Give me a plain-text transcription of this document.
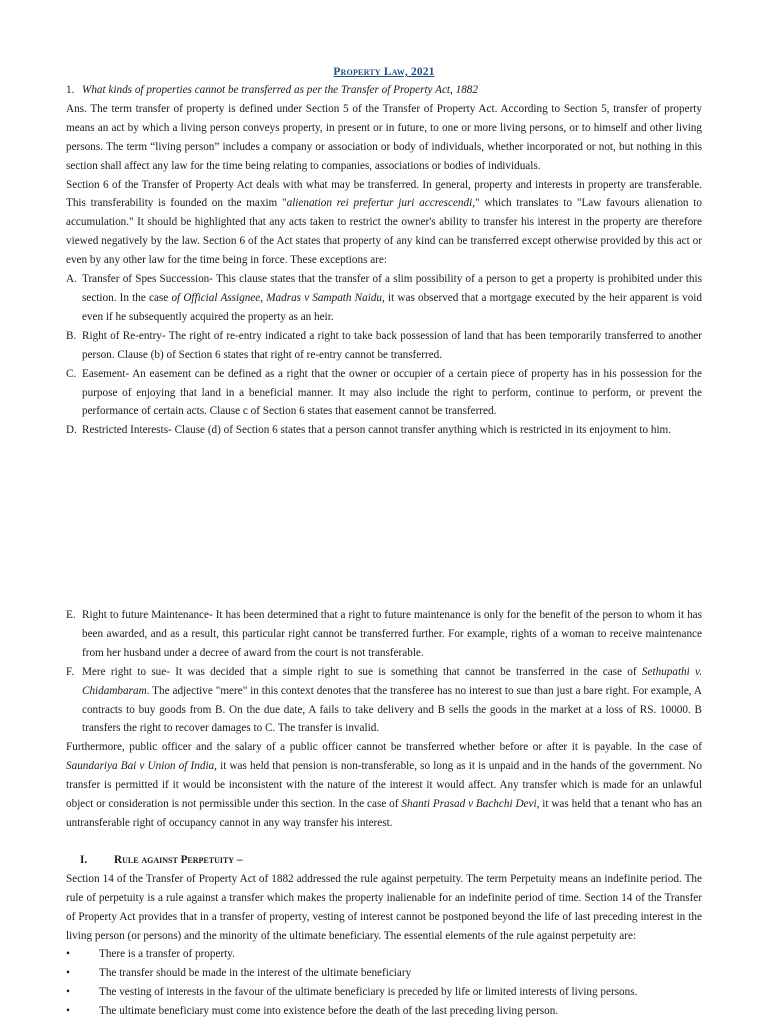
Property Law, 2021
1. What kinds of properties cannot be transferred as per the Transfer of Property Act, 1882

Ans. The term transfer of property is defined under Section 5 of the Transfer of Property Act. According to Section 5, transfer of property means an act by which a living person conveys property, in present or in future, to one or more living persons, or to himself and other living persons. The term “living person” includes a company or association or body of individuals, whether incorporated or not, but nothing in this section shall affect any law for the time being relating to companies, associations or bodies of individuals.

Section 6 of the Transfer of Property Act deals with what may be transferred. In general, property and interests in property are transferable. This transferability is founded on the maxim "alienation rei prefertur juri accrescendi," which translates to "Law favours alienation to accumulation." It should be highlighted that any acts taken to restrict the owner's ability to transfer his interest in the property are therefore viewed negatively by the law. Section 6 of the Act states that property of any kind can be transferred except otherwise provided by this act or even by any other law for the time being in force. These exceptions are:

A. Transfer of Spes Succession- This clause states that the transfer of a slim possibility of a person to get a property is prohibited under this section. In the case of Official Assignee, Madras v Sampath Naidu, it was observed that a mortgage executed by the heir apparent is void even if he subsequently acquired the property as an heir.
B. Right of Re-entry- The right of re-entry indicated a right to take back possession of land that has been temporarily transferred to another person. Clause (b) of Section 6 states that right of re-entry cannot be transferred.
C. Easement- An easement can be defined as a right that the owner or occupier of a certain piece of property has in his possession for the purpose of enjoying that land in a beneficial manner. It may also include the right to perform, continue to perform, or prevent the performance of certain acts. Clause c of Section 6 states that easement cannot be transferred.
D. Restricted Interests- Clause (d) of Section 6 states that a person cannot transfer anything which is restricted in its enjoyment to him.
E. Right to future Maintenance- It has been determined that a right to future maintenance is only for the benefit of the person to whom it has been awarded, and as a result, this particular right cannot be transferred further. For example, rights of a woman to receive maintenance from her husband under a decree of award from the court is not transferable.
F. Mere right to sue- It was decided that a simple right to sue is something that cannot be transferred in the case of Sethupathi v. Chidambaram. The adjective "mere" in this context denotes that the transferee has no interest to sue than just a bare right. For example, A contracts to buy goods from B. On the due date, A fails to take delivery and B sells the goods in the market at a loss of RS. 10000. B transfers the right to recover damages to C. The transfer is invalid.

Furthermore, public officer and the salary of a public officer cannot be transferred whether before or after it is payable. In the case of Saundariya Bai v Union of India, it was held that pension is non-transferable, so long as it is unpaid and in the hands of the government. No transfer is permitted if it would be inconsistent with the nature of the interest it would affect. Any transfer which is made for an unlawful object or consideration is not permissible under this section. In the case of Shanti Prasad v Bachchi Devi, it was held that a tenant who has an untransferable right of occupancy cannot in any way transfer his interest.

I.	Rule against Perpetuity –

Section 14 of the Transfer of Property Act of 1882 addressed the rule against perpetuity. The term Perpetuity means an indefinite period. The rule of perpetuity is a rule against a transfer which makes the property inalienable for an indefinite period of time. Section 14 of the Transfer of Property Act provides that in a transfer of property, vesting of interest cannot be postponed beyond the life of last preceding interest in the living person (or persons) and the minority of the ultimate beneficiary. The essential elements of the rule against perpetuity are:

•	There is a transfer of property.
•	The transfer should be made in the interest of the ultimate beneficiary
•	The vesting of interests in the favour of the ultimate beneficiary is preceded by life or limited interests of living persons.
•	The ultimate beneficiary must come into existence before the death of the last preceding living person.
